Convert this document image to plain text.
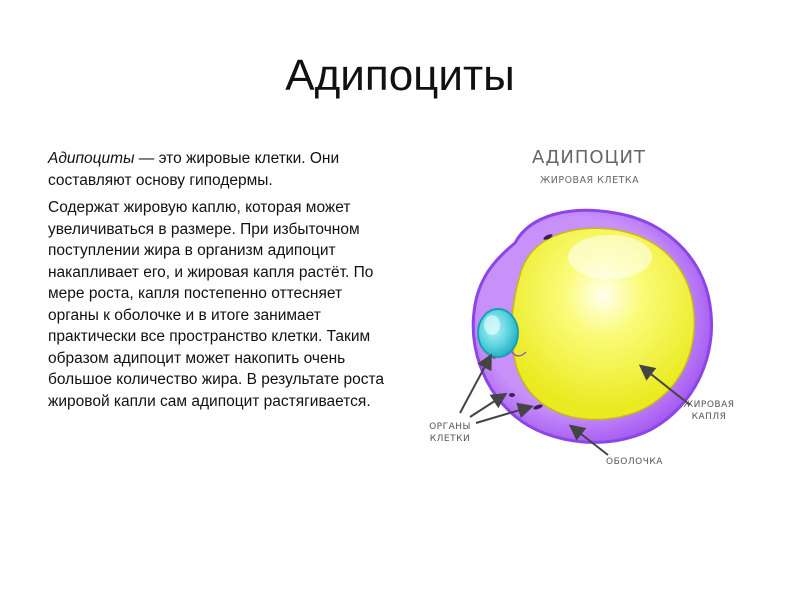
Адипоциты

Адипоциты — это жировые клетки. Они составляют основу гиподермы.

Содержат жировую каплю, которая может увеличиваться в размере. При избыточном поступлении жира в организм адипоцит накапливает его, и жировая капля растёт. По мере роста, капля постепенно оттесняет органы к оболочке и в итоге занимает практически все пространство клетки. Таким образом адипоцит может накопить очень большое количество жира. В результате роста жировой капли сам адипоцит растягивается.

АДИПОЦИТ
ЖИРОВАЯ КЛЕТКА
ОРГАНЫ КЛЕТКИ
ЖИРОВАЯ КАПЛЯ
ОБОЛОЧКА
